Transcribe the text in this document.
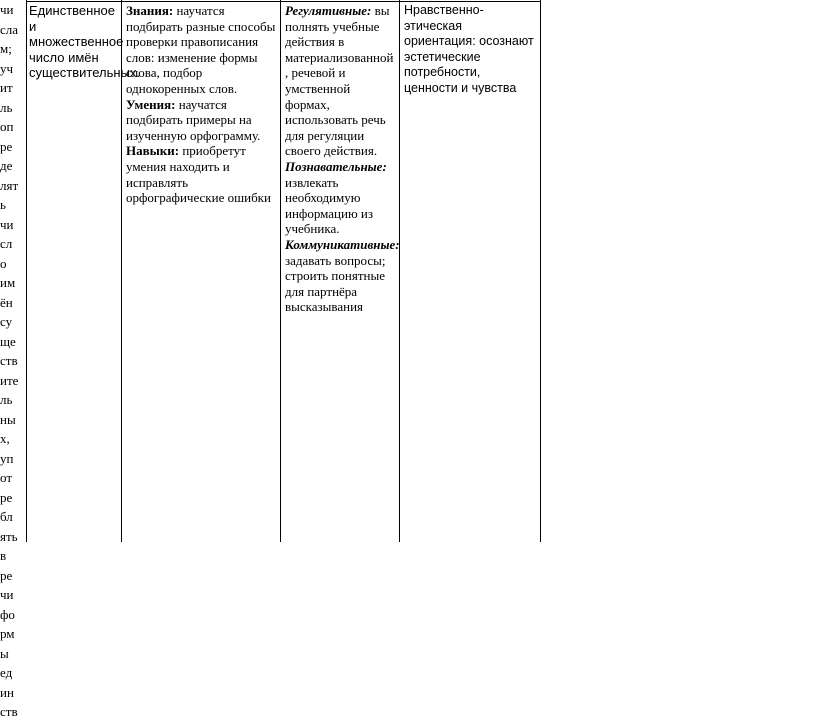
чи
сла
м;
уч
ит
ль
оп
ре
де
лят
ь
чи
сл
о
им
ён
су
щe
ств
ите
ль
ны
х,
уп
от
ре
бл
ять
в
ре
чи
фо
рм
ы
ед
ин
ств
Единственное и множественное число имён существительных.
Знания: научатся подбирать разные способы проверки правописания слов: изменение формы слова, подбор однокоренных слов.
Умения: научатся подбирать примеры на изученную орфограмму.
Навыки: приобретут умения находить и исправлять орфографические ошибки
Регулятивные: вы полнять учебные действия в материализованной , речевой и умственной формах, использовать речь для регуляции своего действия.
Познавательные:
извлекать необходимую информацию из учебника.
Коммуникативные: задавать вопросы; строить понятные для партнёра высказывания
Нравственно-этическая ориентация: осознают эстетические потребности, ценности и чувства
